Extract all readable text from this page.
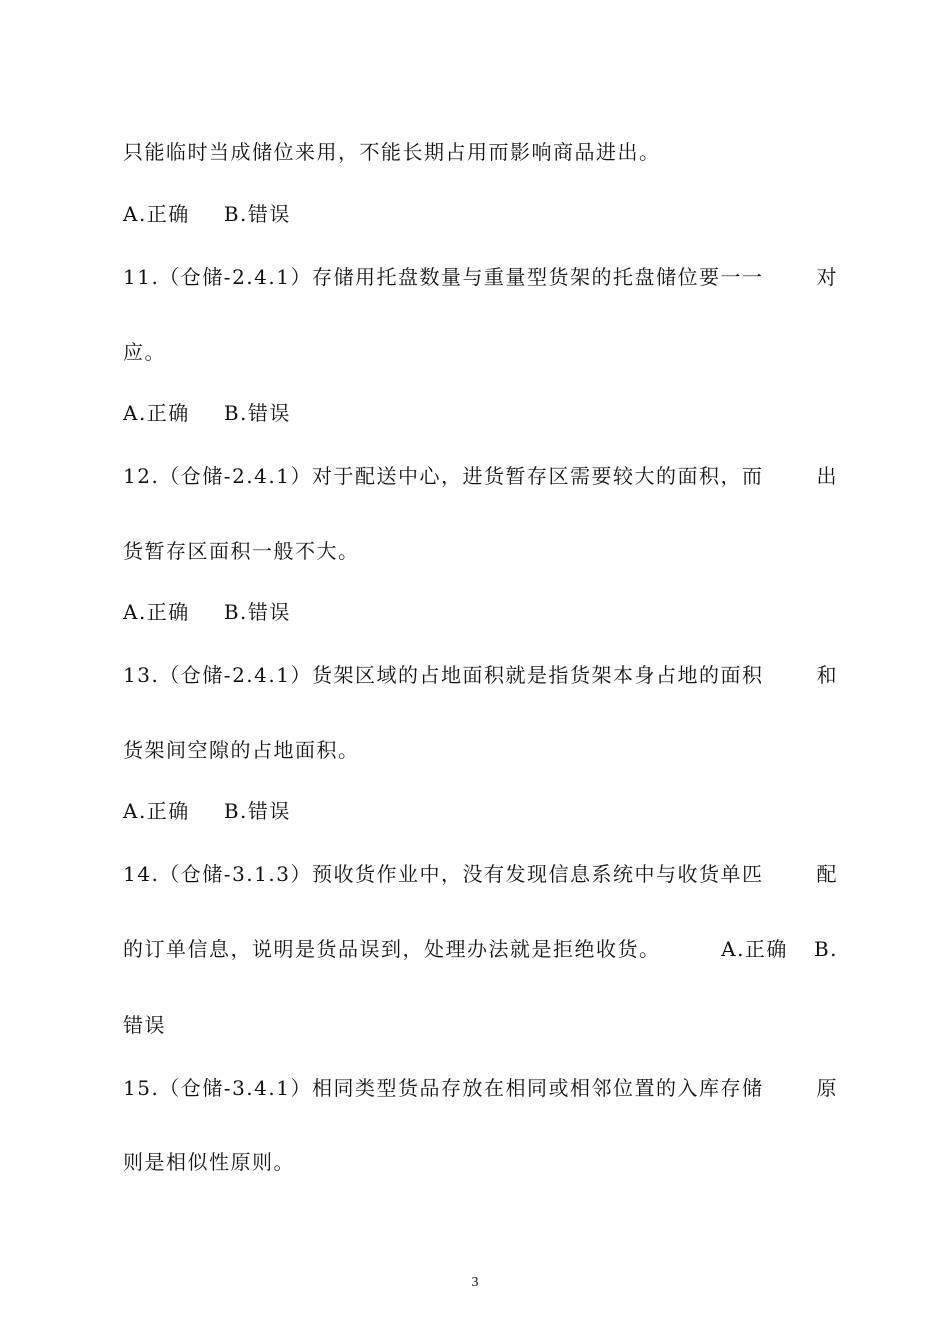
只能临时当成储位来用，不能长期占用而影响商品进出。
A.正确 B.错误
11.（仓储-2.4.1）存储用托盘数量与重量型货架的托盘储位要一一	对
应。
A.正确 B.错误
12.（仓储-2.4.1）对于配送中心，进货暂存区需要较大的面积，而	出
货暂存区面积一般不大。
A.正确 B.错误
13.（仓储-2.4.1）货架区域的占地面积就是指货架本身占地的面积	和
货架间空隙的占地面积。
A.正确 B.错误
14.（仓储-3.1.3）预收货作业中，没有发现信息系统中与收货单匹	配
的订单信息，说明是货品误到，处理办法就是拒绝收货。	A.正确 B.
错误
15.（仓储-3.4.1）相同类型货品存放在相同或相邻位置的入库存储	原
则是相似性原则。
3
